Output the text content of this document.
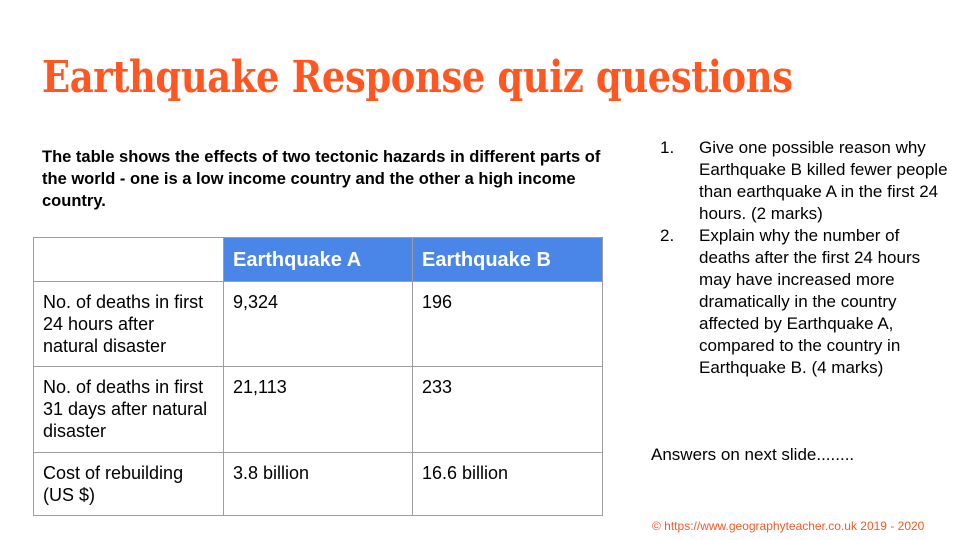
Earthquake Response quiz questions
The table shows the effects of two tectonic hazards in different parts of the world - one is a low income country and the other a high income country.
	Earthquake A	Earthquake B
No. of deaths in first 24 hours after natural disaster	9,324	196
No. of deaths in first 31 days after natural disaster	21,113	233
Cost of rebuilding (US $)	3.8 billion	16.6 billion
1.	Give one possible reason why Earthquake B killed fewer people than earthquake A in the first 24 hours. (2 marks)
2.	Explain why the number of deaths after the first 24 hours may have increased more dramatically in the country affected by Earthquake A, compared to the country in Earthquake B. (4 marks)
Answers on next slide........
© https://www.geographyteacher.co.uk 2019 - 2020
